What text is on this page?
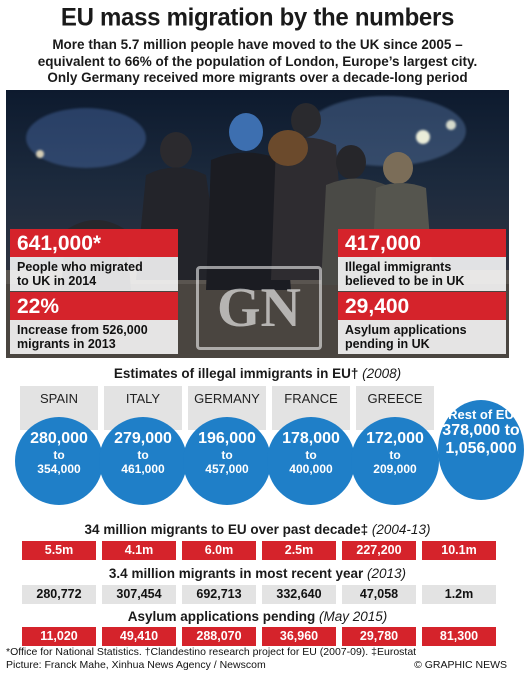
EU mass migration by the numbers
More than 5.7 million people have moved to the UK since 2005 –
equivalent to 66% of the population of London, Europe’s largest city.
Only Germany received more migrants over a decade-long period
641,000*
People who migrated
to UK in 2014
417,000
Illegal immigrants
believed to be in UK
22%
Increase from 526,000
migrants in 2013
29,400
Asylum applications
pending in UK
GN
Estimates of illegal immigrants in EU† (2008)
SPAIN
280,000
to
354,000
ITALY
279,000
to
461,000
GERMANY
196,000
to
457,000
FRANCE
178,000
to
400,000
GREECE
172,000
to
209,000
Rest of EU
378,000 to 1,056,000
34 million migrants to EU over past decade‡ (2004-13)
5.5m	4.1m	6.0m	2.5m	227,200	10.1m
3.4 million migrants in most recent year (2013)
280,772	307,454	692,713	332,640	47,058	1.2m
Asylum applications pending (May 2015)
11,020	49,410	288,070	36,960	29,780	81,300
*Office for National Statistics. †Clandestino research project for EU (2007-09). ‡Eurostat
Picture: Franck Mahe, Xinhua News Agency / Newscom	© GRAPHIC NEWS
